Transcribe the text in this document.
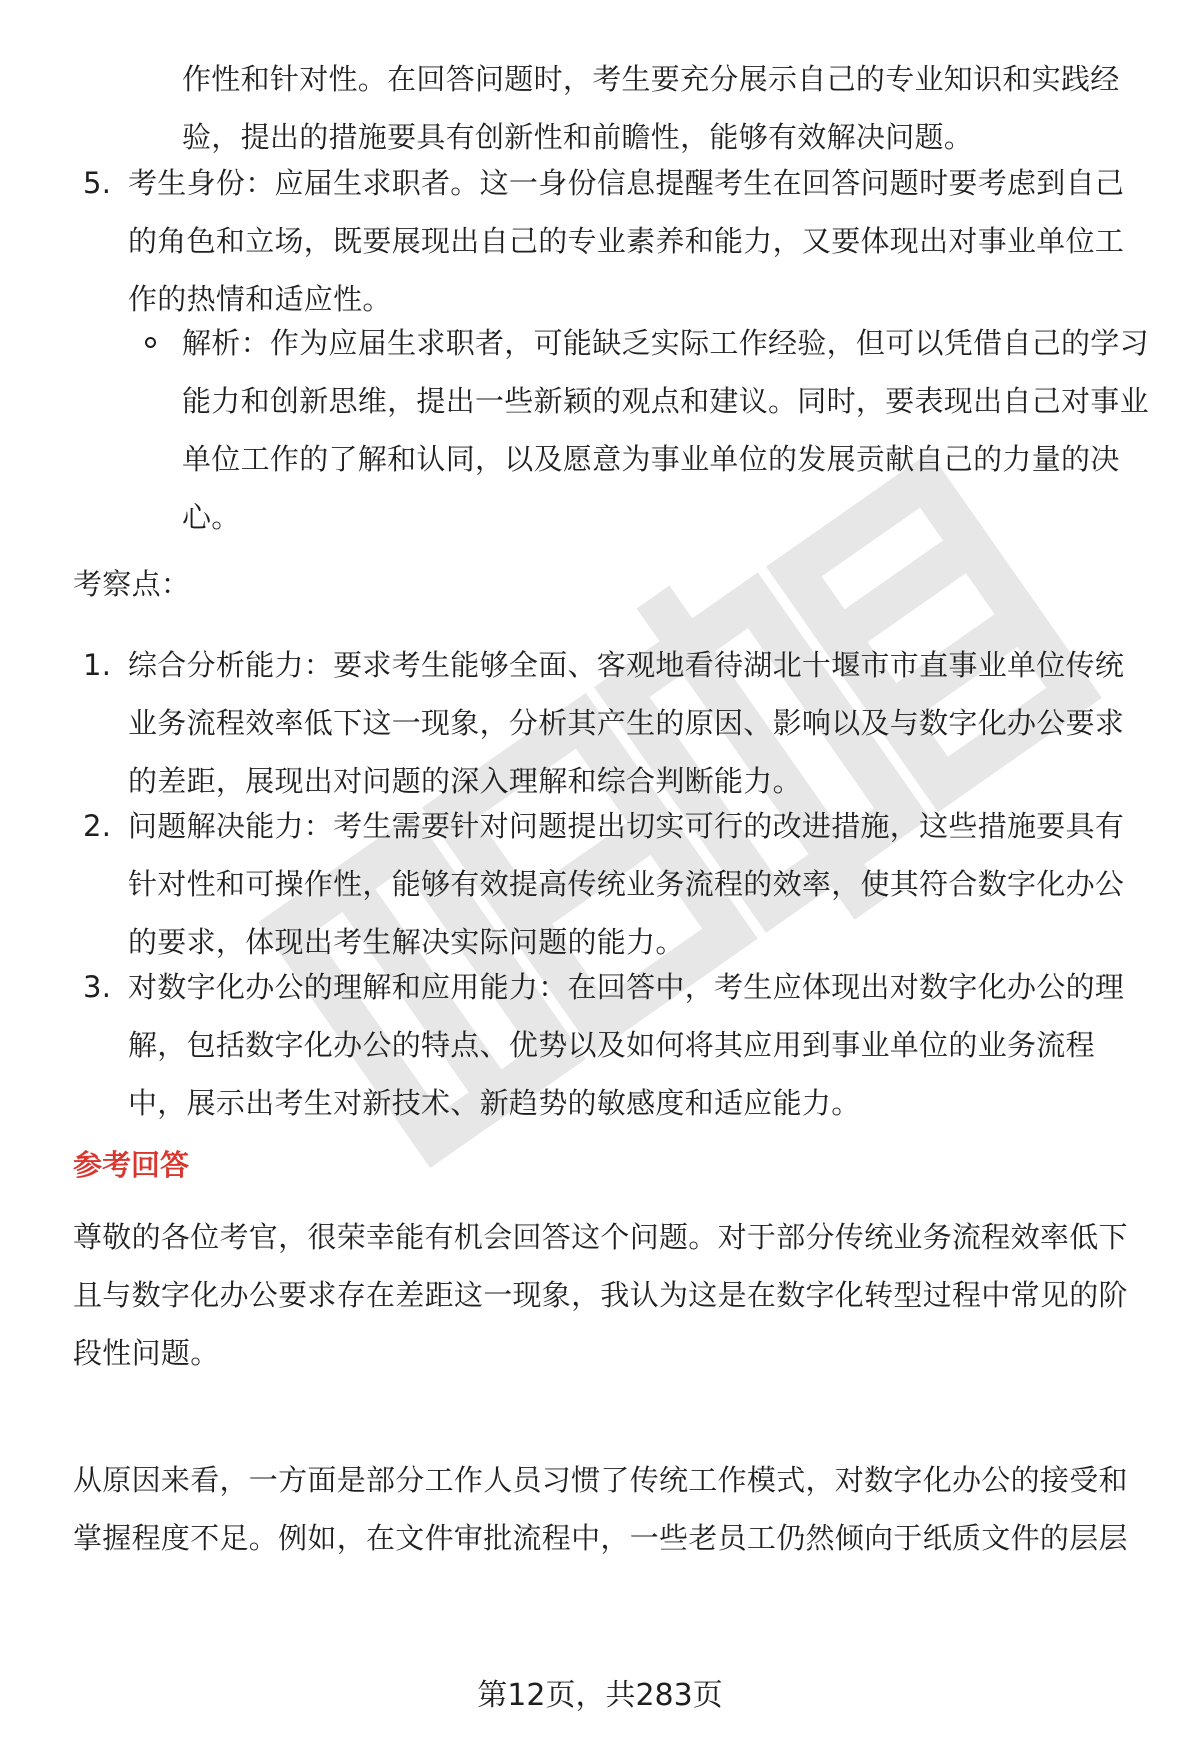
作性和针对性。在回答问题时，考生要充分展示自己的专业知识和实践经验，提出的措施要具有创新性和前瞻性，能够有效解决问题。
5. 考生身份：应届生求职者。这一身份信息提醒考生在回答问题时要考虑到自己的角色和立场，既要展现出自己的专业素养和能力，又要体现出对事业单位工作的热情和适应性。
解析：作为应届生求职者，可能缺乏实际工作经验，但可以凭借自己的学习能力和创新思维，提出一些新颖的观点和建议。同时，要表现出自己对事业单位工作的了解和认同，以及愿意为事业单位的发展贡献自己的力量的决心。
考察点：
1. 综合分析能力：要求考生能够全面、客观地看待湖北十堰市市直事业单位传统业务流程效率低下这一现象，分析其产生的原因、影响以及与数字化办公要求的差距，展现出对问题的深入理解和综合判断能力。
2. 问题解决能力：考生需要针对问题提出切实可行的改进措施，这些措施要具有针对性和可操作性，能够有效提高传统业务流程的效率，使其符合数字化办公的要求，体现出考生解决实际问题的能力。
3. 对数字化办公的理解和应用能力：在回答中，考生应体现出对数字化办公的理解，包括数字化办公的特点、优势以及如何将其应用到事业单位的业务流程中，展示出考生对新技术、新趋势的敏感度和适应能力。
参考回答
尊敬的各位考官，很荣幸能有机会回答这个问题。对于部分传统业务流程效率低下且与数字化办公要求存在差距这一现象，我认为这是在数字化转型过程中常见的阶段性问题。
从原因来看，一方面是部分工作人员习惯了传统工作模式，对数字化办公的接受和掌握程度不足。例如，在文件审批流程中，一些老员工仍然倾向于纸质文件的层层
第12页，共283页
